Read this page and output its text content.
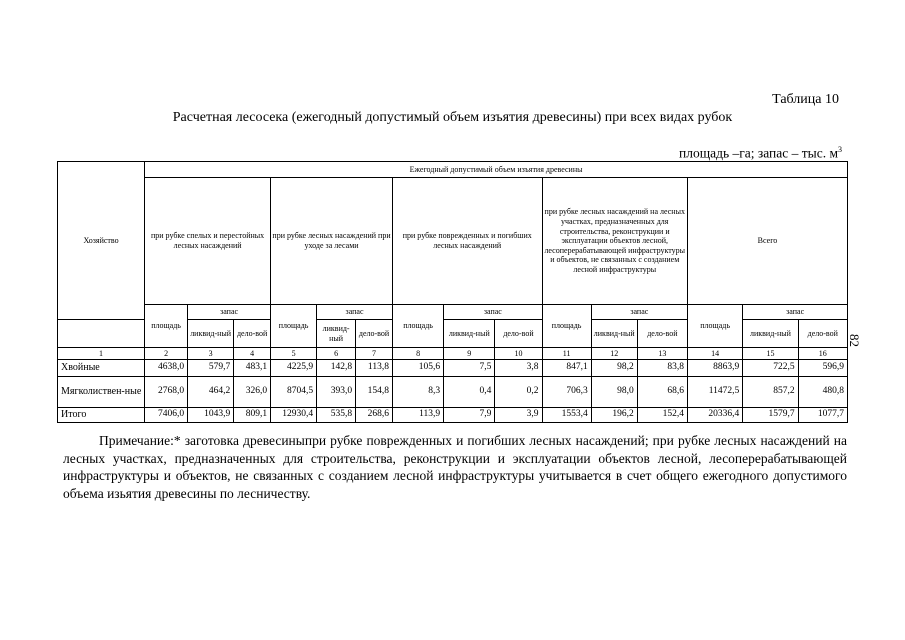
Таблица 10
Расчетная лесосека (ежегодный допустимый объем изъятия древесины) при всех видах рубок
площадь –га; запас – тыс. $м^3$
82
Хозяйство	Ежегодный допустимый объем изъятия древесины														
	при рубке спелых и перестойных лесных насаждений			при рубке лесных насаждений при уходе за лесами			при рубке поврежденных и погибших лесных насаждений			при рубке лесных насаждений на лесных участках, предназначенных для строительства, реконструкции и эксплуатации объектов лесной, лесоперерабатывающей инфраструктуры и объектов, не связанных с созданием лесной инфраструктуры			Всего		
	площадь	запас		площадь	запас		площадь	запас		площадь	запас		площадь	запас	
		ликвид-ный	дело-вой		ликвид-ный	дело-вой		ликвид-ный	дело-вой		ликвид-ный	дело-вой		ликвид-ный	дело-вой
1	2	3	4	5	6	7	8	9	10	11	12	13	14	15	16
Хвойные	4638,0	579,7	483,1	4225,9	142,8	113,8	105,6	7,5	3,8	847,1	98,2	83,8	8863,9	722,5	596,9
Мягколиствен-ные	2768,0	464,2	326,0	8704,5	393,0	154,8	8,3	0,4	0,2	706,3	98,0	68,6	11472,5	857,2	480,8
Итого	7406,0	1043,9	809,1	12930,4	535,8	268,6	113,9	7,9	3,9	1553,4	196,2	152,4	20336,4	1579,7	1077,7
Примечание:* заготовка древесиныпри рубке поврежденных и погибших лесных насаждений; при рубке лесных насаждений на лесных участках, предназначенных для строительства, реконструкции и эксплуатации объектов лесной, лесоперерабатывающей инфраструктуры и объектов, не связанных с созданием лесной инфраструктуры учитывается в счет общего ежегодного допустимого объема изьятия древесины по лесничеству.
